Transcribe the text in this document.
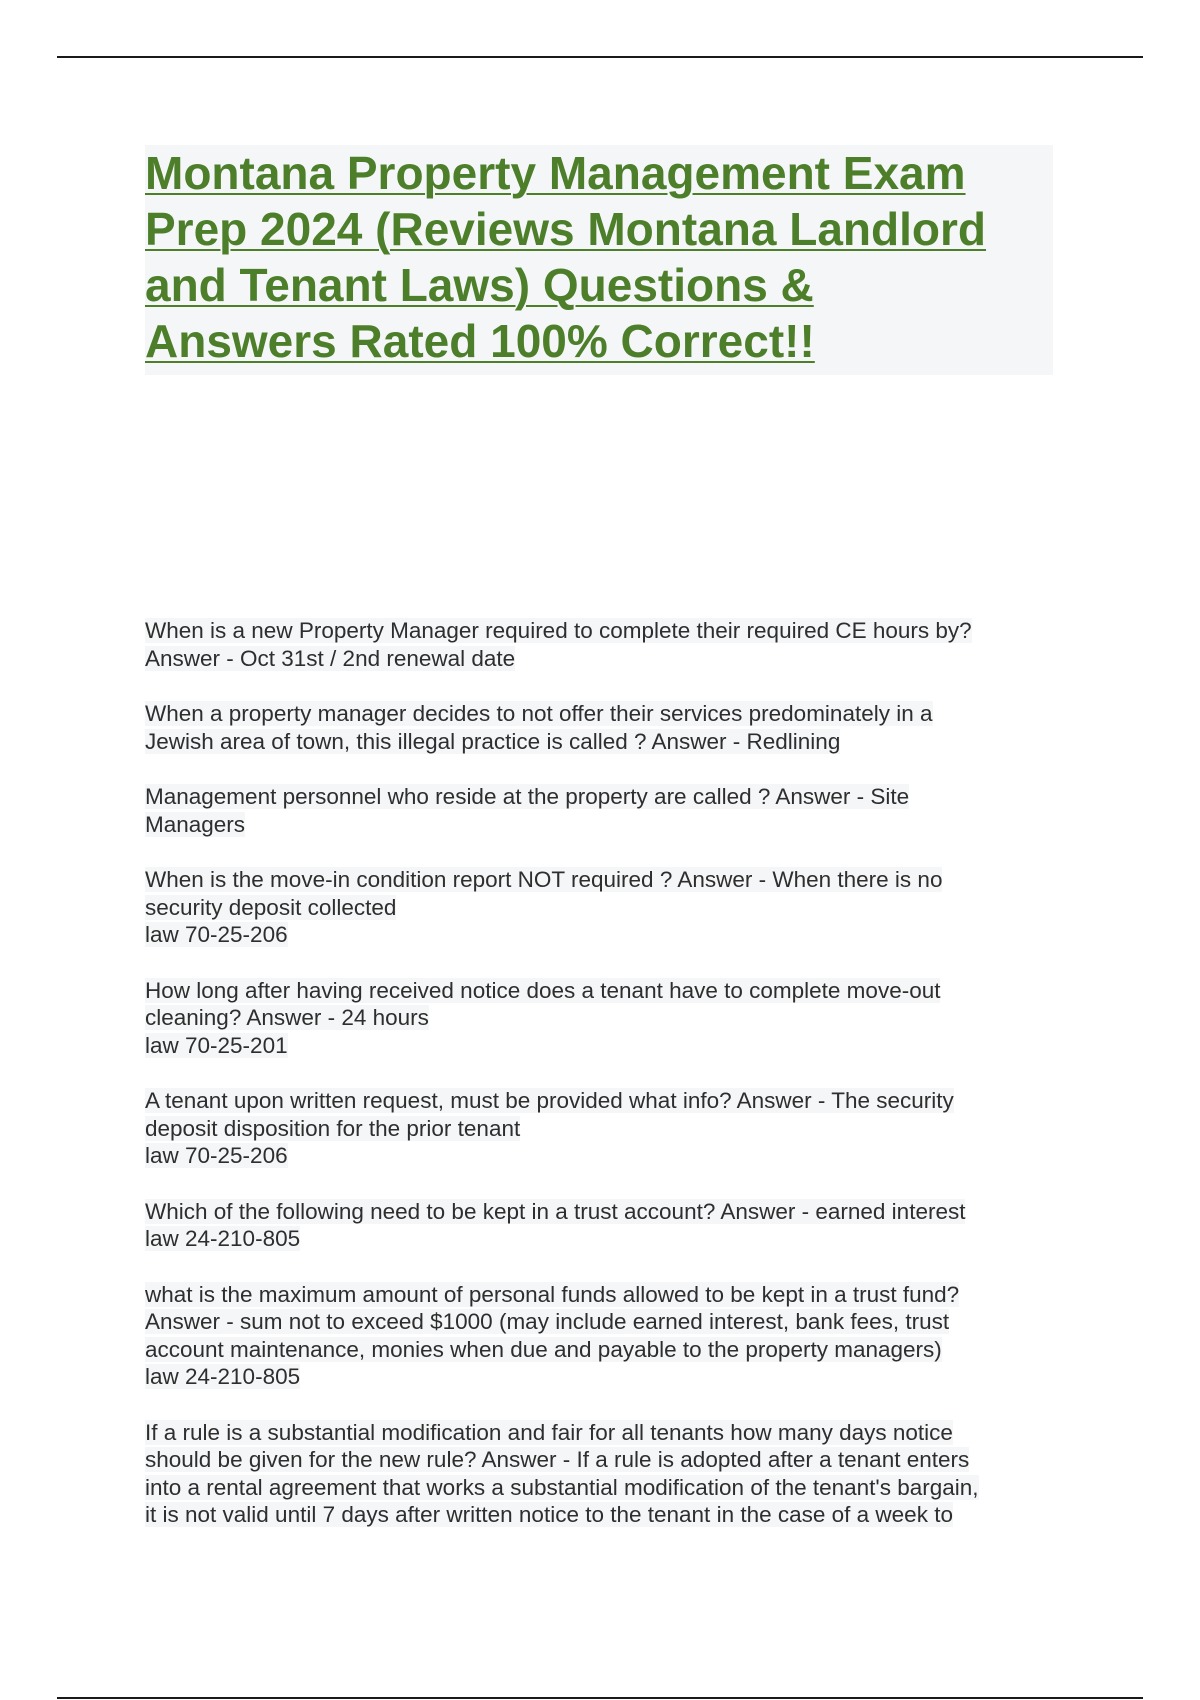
Montana Property Management Exam
Prep 2024 (Reviews Montana Landlord
and Tenant Laws) Questions &
Answers Rated 100% Correct!!
When is a new Property Manager required to complete their required CE hours by?
Answer - Oct 31st / 2nd renewal date
When a property manager decides to not offer their services predominately in a
Jewish area of town, this illegal practice is called ? Answer - Redlining
Management personnel who reside at the property are called ? Answer - Site
Managers
When is the move-in condition report NOT required ? Answer - When there is no
security deposit collected
law 70-25-206
How long after having received notice does a tenant have to complete move-out
cleaning? Answer - 24 hours
law 70-25-201
A tenant upon written request, must be provided what info? Answer - The security
deposit disposition for the prior tenant
law 70-25-206
Which of the following need to be kept in a trust account? Answer - earned interest
law 24-210-805
what is the maximum amount of personal funds allowed to be kept in a trust fund?
Answer - sum not to exceed $1000 (may include earned interest, bank fees, trust
account maintenance, monies when due and payable to the property managers)
law 24-210-805
If a rule is a substantial modification and fair for all tenants how many days notice
should be given for the new rule? Answer - If a rule is adopted after a tenant enters
into a rental agreement that works a substantial modification of the tenant's bargain,
it is not valid until 7 days after written notice to the tenant in the case of a week to
